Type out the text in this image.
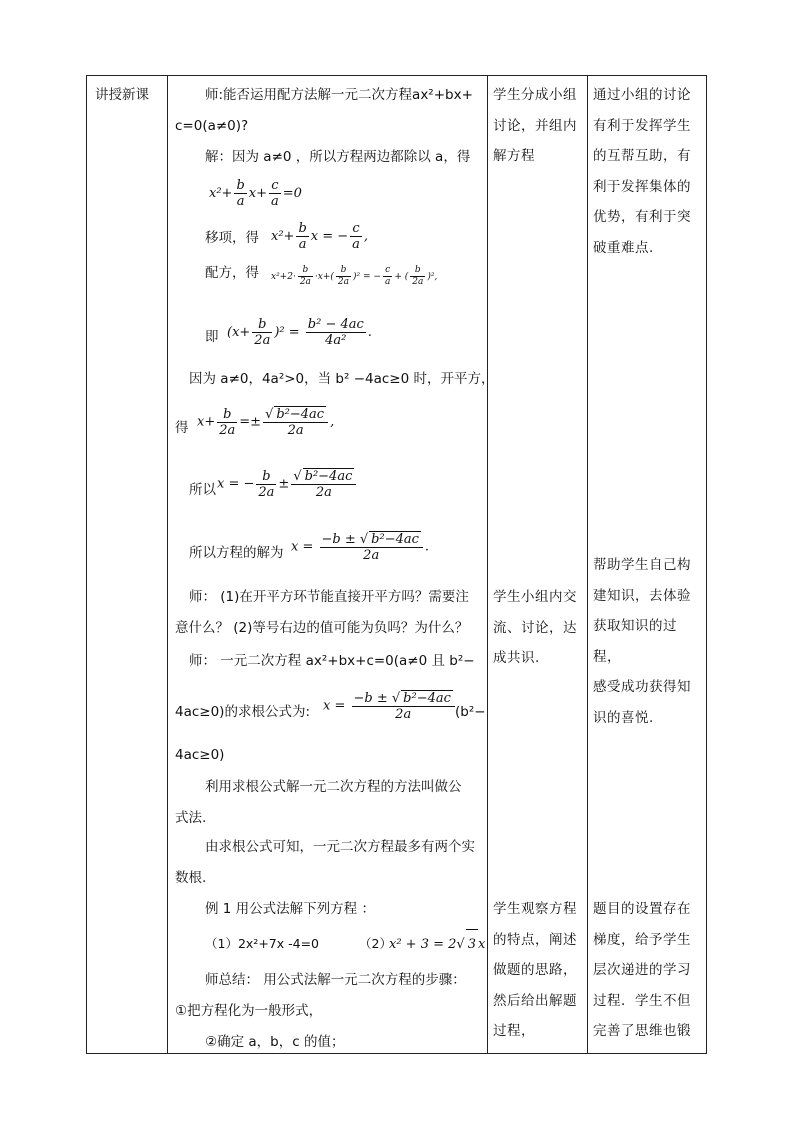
讲授新课	师:能否运用配方法解一元二次方程ax²+bx+
c=0(a≠0)?
解：因为 a≠0 ，所以方程两边都除以 a，得
$x^2+ \frac{b}{a} x+ \frac{c}{a} =0$
移项，得 $x^2+ \frac{b}{a}$ x = − $\frac{c}{a}$ ,
配方，得 $x^2+2\cdot \frac{b}{2a} \cdot x+( \frac{b}{2a} )^2$ = − $\frac{c}{a}$ + ( $\frac{b}{2a} )^2$,
即 $(x+ \frac{b}{2a} )^2 = \frac{\text{b² − 4ac}}{\text{4a²}}$ .
因为 a≠0，4a²>0，当 b² −4ac≥0 时，开平方，
得 $x+ \frac{b}{2a} =\pm \frac{\text{√ b²−4ac}}{2a}$ ,
所以 x = − $\frac{b}{2a} \pm \frac{\text{√ b²−4ac}}{2a}$
所以方程的解为 $x = \frac{\text{−b ± √ b²−4ac}}{2a}$ .
师： (1)在开平方环节能直接开平方吗？需要注
意什么？ (2)等号右边的值可能为负吗？为什么？
师： 一元二次方程 ax²+bx+c=0(a≠0 且 b²−
4ac≥0)的求根公式为: $x = \frac{\text{−b ± √ b²−4ac}}{2a} (b^2-$
4ac≥0)
利用求根公式解一元二次方程的方法叫做公
式法.
由求根公式可知，一元二次方程最多有两个实
数根.
例 1 用公式法解下列方程 ：
（1）2x²+7x -4=0	（2）
x² + 3 = 2√ 3 x
师总结： 用公式法解一元二次方程的步骤：
①把方程化为一般形式，
②确定 a，b，c 的值；
学生分成小组
讨论，并组内
解方程
学生小组内交
流、讨论，达
成共识.
学生观察方程
的特点，阐述
做题的思路，
然后给出解题
过程，
通过小组的讨论
有利于发挥学生
的互帮互助，有
利于发挥集体的
优势，有利于突
破重难点.
帮助学生自己构
建知识，去体验
获取知识的过程，
感受成功获得知
识的喜悦.
题目的设置存在
梯度，给予学生
层次递进的学习
过程．学生不但
完善了思维也锻
